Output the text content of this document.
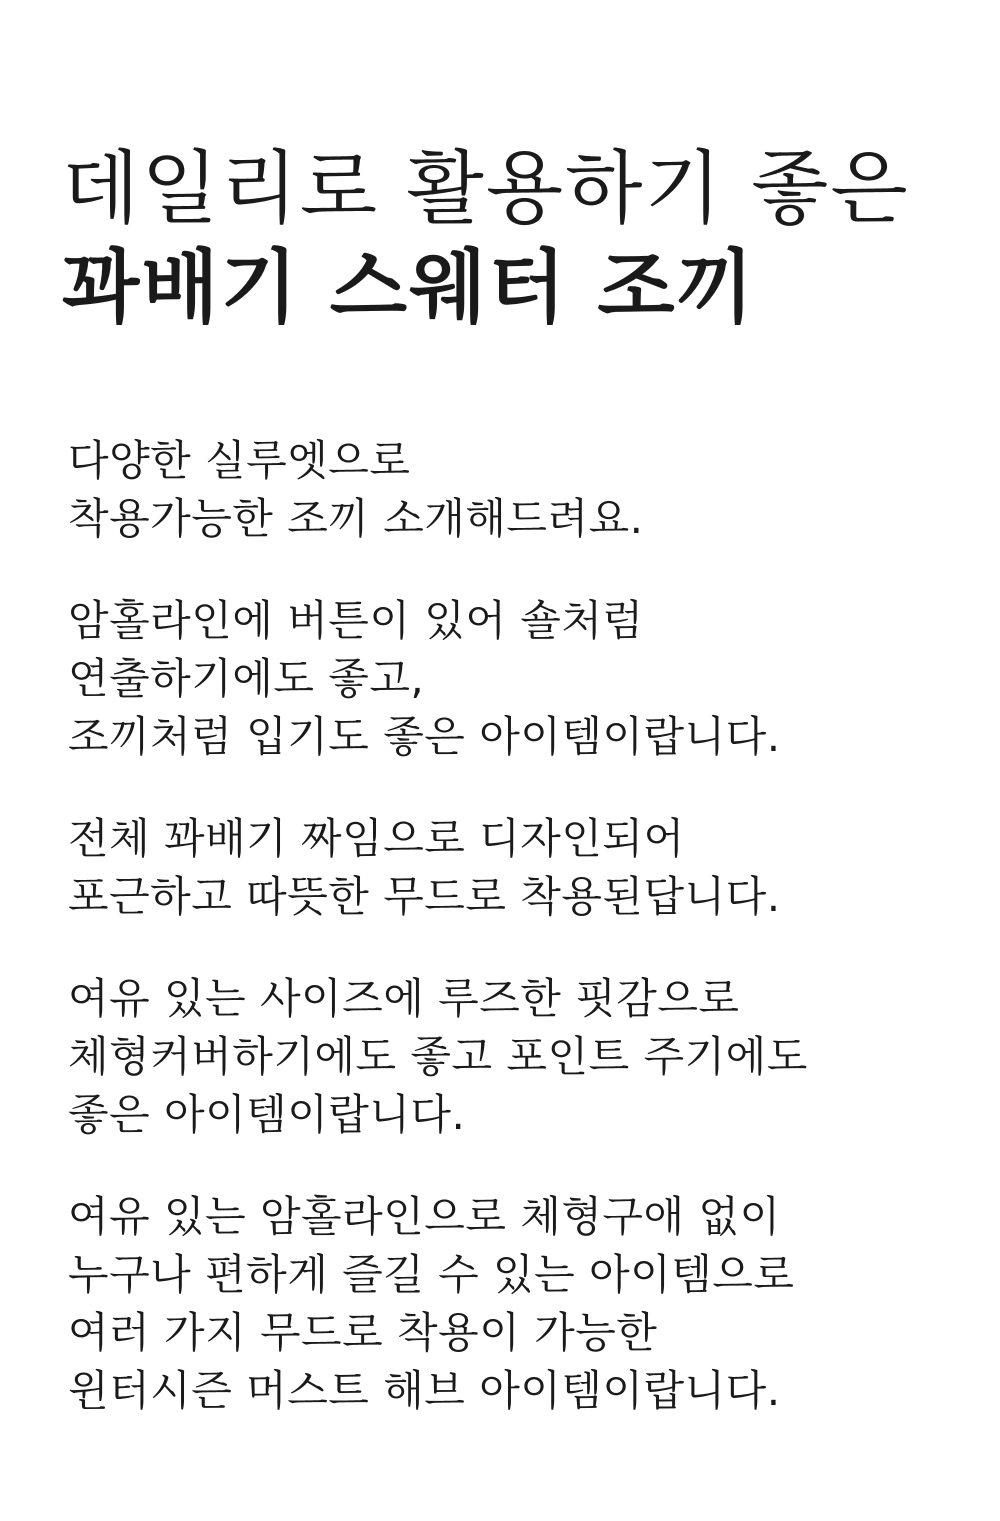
데일리로 활용하기 좋은
꽈배기 스웨터 조끼
다양한 실루엣으로
착용가능한 조끼 소개해드려요.
암홀라인에 버튼이 있어 숄처럼
연출하기에도 좋고,
조끼처럼 입기도 좋은 아이템이랍니다.
전체 꽈배기 짜임으로 디자인되어
포근하고 따뜻한 무드로 착용된답니다.
여유 있는 사이즈에 루즈한 핏감으로
체형커버하기에도 좋고 포인트 주기에도
좋은 아이템이랍니다.
여유 있는 암홀라인으로 체형구애 없이
누구나 편하게 즐길 수 있는 아이템으로
여러 가지 무드로 착용이 가능한
윈터시즌 머스트 해브 아이템이랍니다.
